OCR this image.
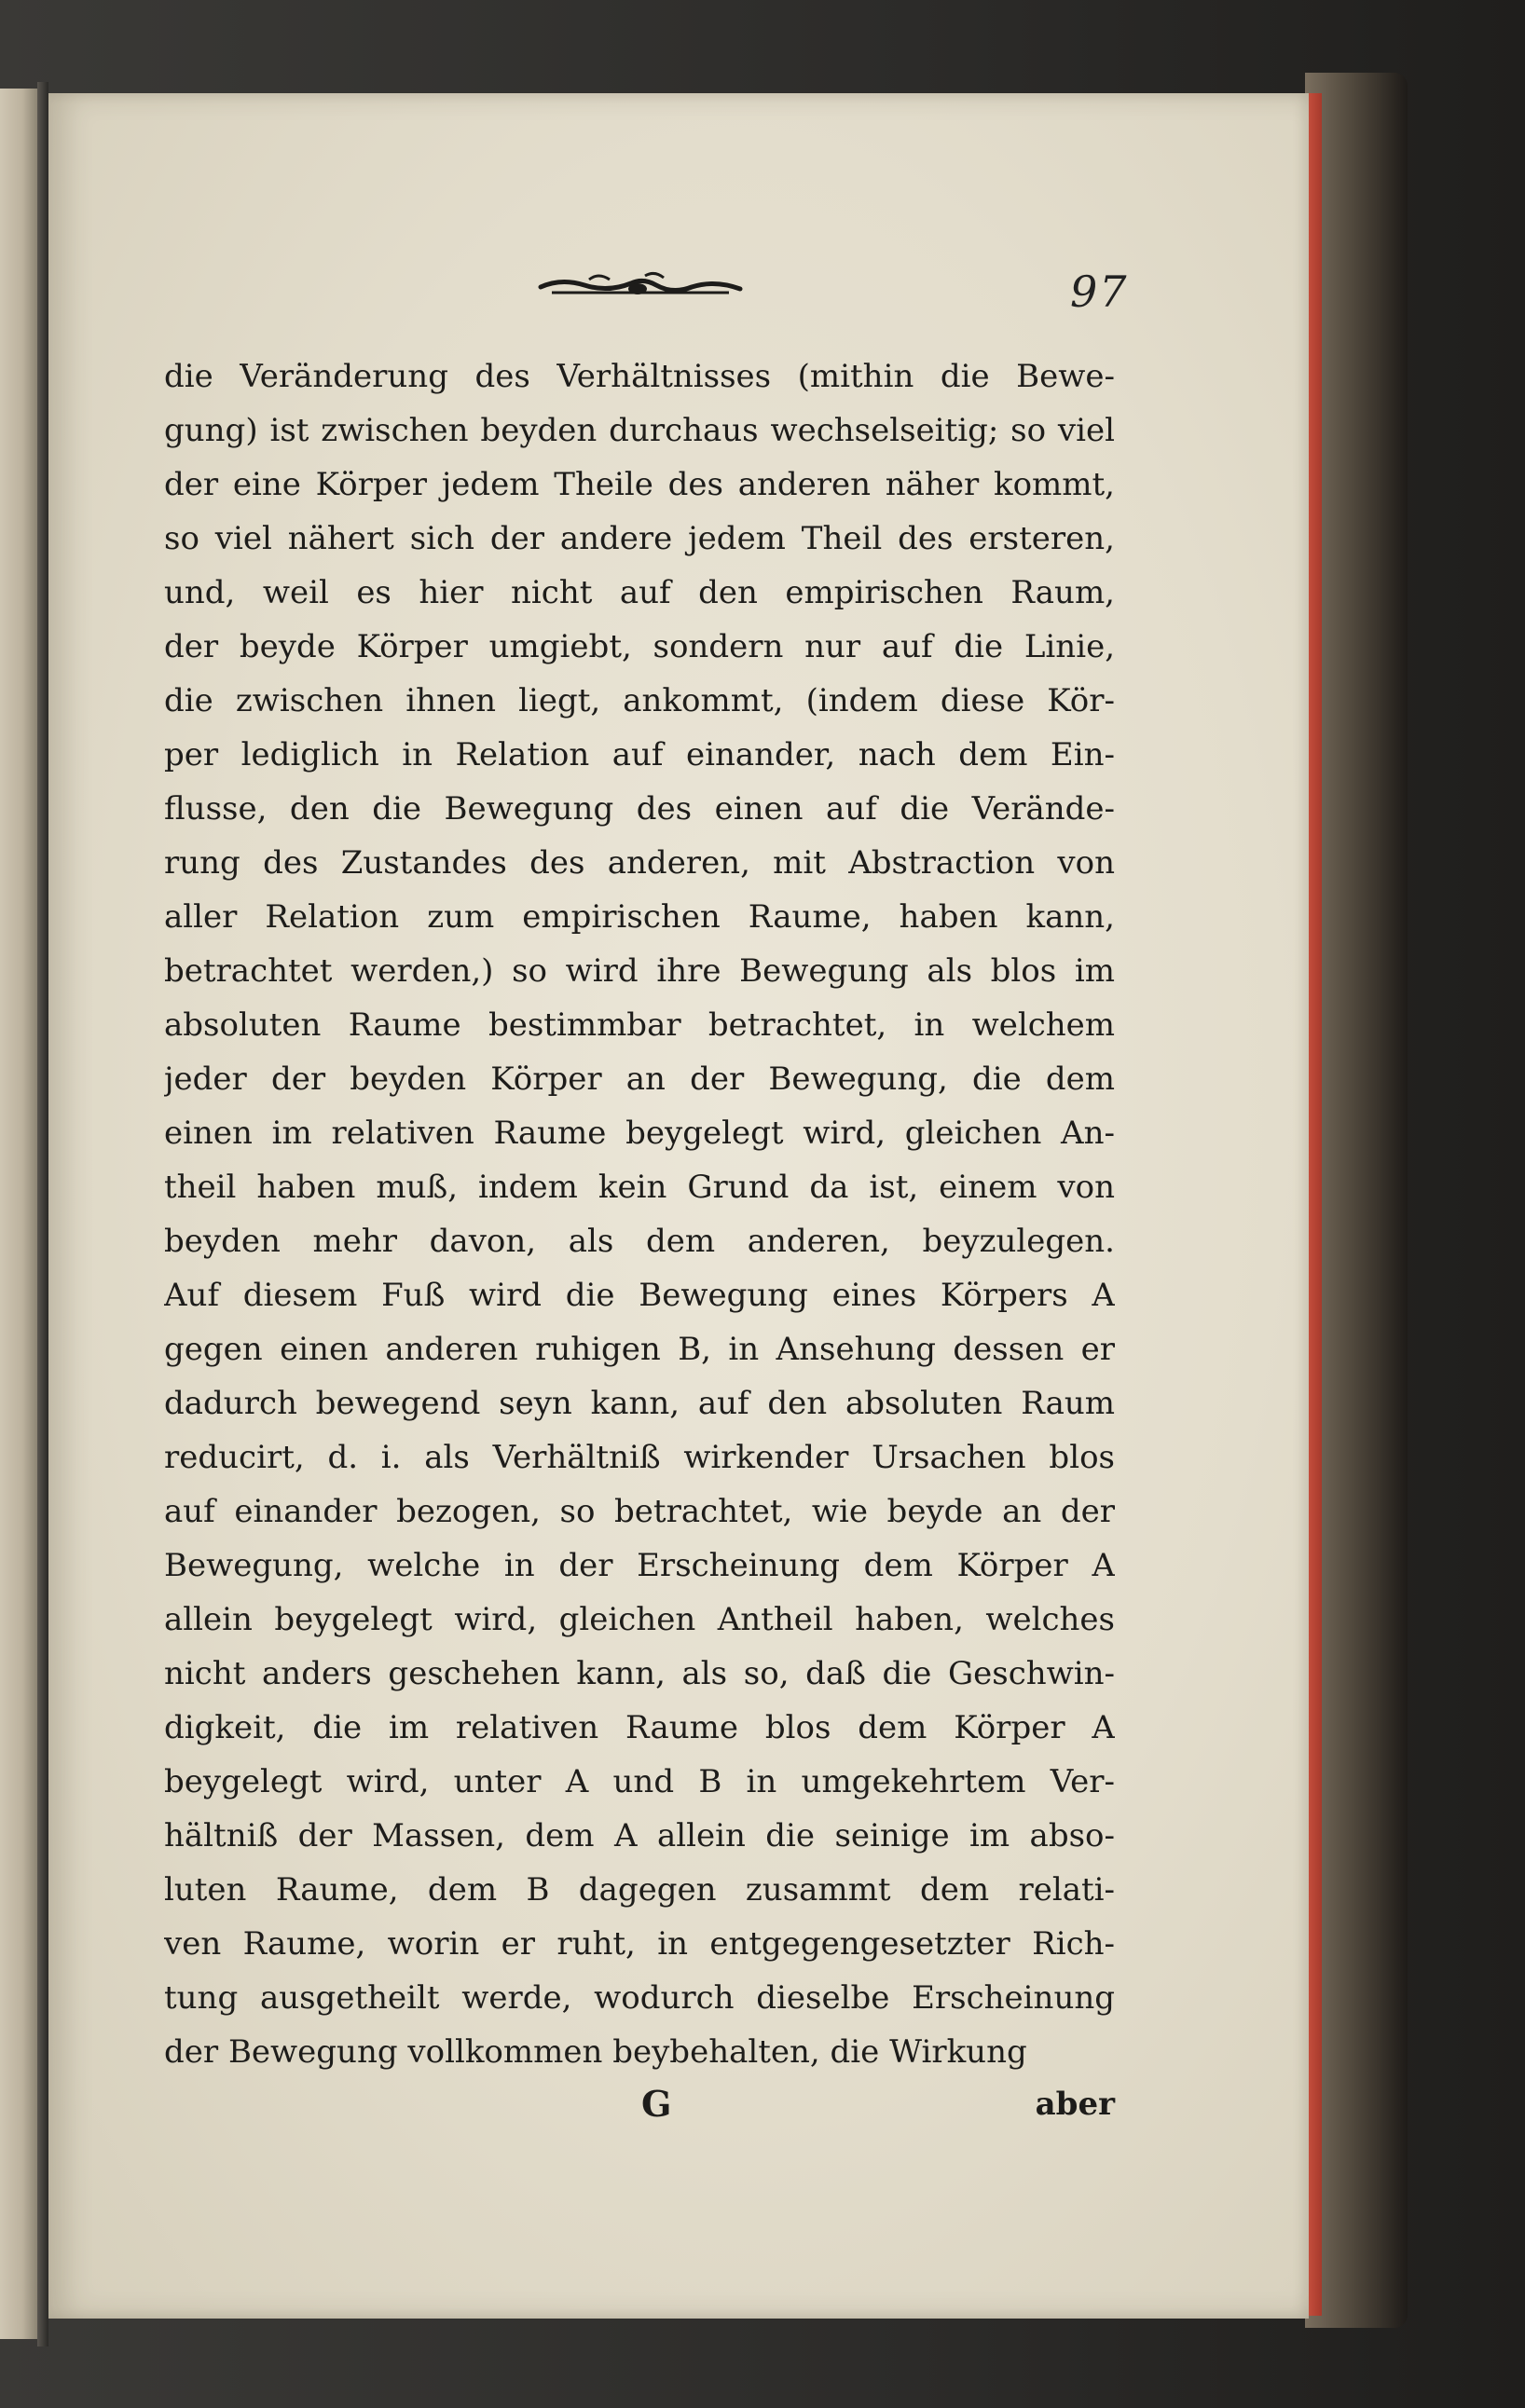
97
die Veränderung des Verhältnisses (mithin die Bewe-
gung) ist zwischen beyden durchaus wechselseitig; so viel
der eine Körper jedem Theile des anderen näher kommt,
so viel nähert sich der andere jedem Theil des ersteren,
und, weil es hier nicht auf den empirischen Raum,
der beyde Körper umgiebt, sondern nur auf die Linie,
die zwischen ihnen liegt, ankommt, (indem diese Kör-
per lediglich in Relation auf einander, nach dem Ein-
flusse, den die Bewegung des einen auf die Verände-
rung des Zustandes des anderen, mit Abstraction von
aller Relation zum empirischen Raume, haben kann,
betrachtet werden,) so wird ihre Bewegung als blos im
absoluten Raume bestimmbar betrachtet, in welchem
jeder der beyden Körper an der Bewegung, die dem
einen im relativen Raume beygelegt wird, gleichen An-
theil haben muß, indem kein Grund da ist, einem von
beyden mehr davon, als dem anderen, beyzulegen.
Auf diesem Fuß wird die Bewegung eines Körpers A
gegen einen anderen ruhigen B, in Ansehung dessen er
dadurch bewegend seyn kann, auf den absoluten Raum
reducirt, d. i. als Verhältniß wirkender Ursachen blos
auf einander bezogen, so betrachtet, wie beyde an der
Bewegung, welche in der Erscheinung dem Körper A
allein beygelegt wird, gleichen Antheil haben, welches
nicht anders geschehen kann, als so, daß die Geschwin-
digkeit, die im relativen Raume blos dem Körper A
beygelegt wird, unter A und B in umgekehrtem Ver-
hältniß der Massen, dem A allein die seinige im abso-
luten Raume, dem B dagegen zusammt dem relati-
ven Raume, worin er ruht, in entgegengesetzter Rich-
tung ausgetheilt werde, wodurch dieselbe Erscheinung
der Bewegung vollkommen beybehalten, die Wirkung
G	aber
